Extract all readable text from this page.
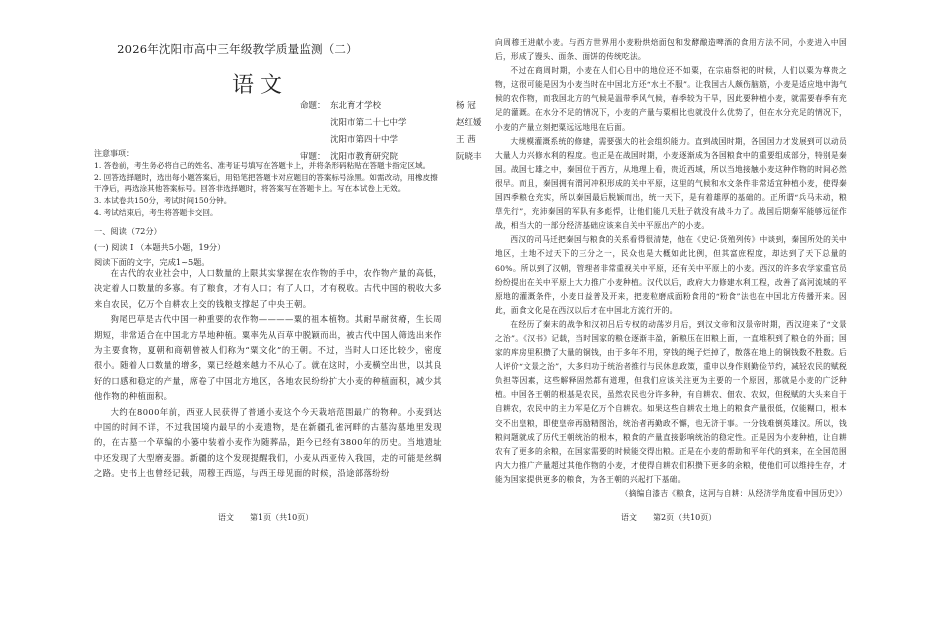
2026年沈阳市高中三年级教学质量监测（二）
语文
命题： 东北育才学校	杨 冠
沈阳市第二十七中学	赵红媛
沈阳市第四十中学	王 茜
审题： 沈阳市教育研究院	阮晓丰
注意事项：
1. 答卷前，考生务必将自己的姓名、准考证号填写在答题卡上，并将条形码粘贴在答题卡指定区域。
2. 回答选择题时，选出每小题答案后，用铅笔把答题卡对应题目的答案标号涂黑。如需改动，用橡皮擦干净后，再选涂其他答案标号。回答非选择题时，将答案写在答题卡上。写在本试卷上无效。
3. 本试卷共150分，考试时间150分钟。
4. 考试结束后，考生将答题卡交回。
一、阅读（72分）
(一) 阅读 I （本题共5小题，19分）
阅读下面的文字，完成1~5题。

在古代的农业社会中，人口数量的上限其实掌握在农作物的手中，农作物产量的高低，决定着人口数量的多寡。有了粮食，才有人口；有了人口，才有税收。古代中国的税收大多来自农民，亿万个自耕农上交的钱粮支撑起了中央王朝。

狗尾巴草是古代中国一种重要的农作物————粟的祖本植物。其耐旱耐贫瘠，生长周期短，非常适合在中国北方旱地种植。粟率先从百草中脱颖而出，被古代中国人筛选出来作为主要食物，夏朝和商朝曾被人们称为“粟文化”的王朝。不过，当时人口还比较少，密度很小。随着人口数量的增多，粟已经越来越力不从心了。就在这时，小麦横空出世，以其良好的口感和稳定的产量，席卷了中国北方地区，各地农民纷纷扩大小麦的种植面积，减少其他作物的种植面积。

大约在8000年前，西亚人民获得了普通小麦这个今天栽培范围最广的物种。小麦到达中国的时间不详，不过我国境内最早的小麦遗物，是在新疆孔雀河畔的古墓沟墓地里发现的，在古墓一个草编的小篓中装着小麦作为随葬品，距今已经有3800年的历史。当地遗址中还发现了大型磨麦器。新疆的这个发现提醒我们，小麦从西亚传入我国，走的可能是丝绸之路。史书上也曾经记载，周穆王西巡，与西王母见面的时候，沿途部落纷纷

语文　　第1页（共10页）

向周穆王进献小麦。与西方世界用小麦粉烘焙面包和发酵酿造啤酒的食用方法不同，小麦进入中国后，形成了馒头、面条、面饼的传统吃法。

不过在商周时期，小麦在人们心目中的地位还不如粟，在宗庙祭祀的时候，人们以粟为尊贵之物，这很可能是因为小麦当时在中国北方还“水土不服”。让我国古人颇伤脑筋，小麦是适应地中海气候的农作物，而我国北方的气候是温带季风气候，春季较为干旱，因此要种植小麦，就需要春季有充足的灌溉。在水分不足的情况下，小麦的产量与粟相比也就没什么优势了，但在水分充足的情况下，小麦的产量立刻把粟远远地甩在后面。

大规模灌溉系统的修建，需要强大的社会组织能力。直到战国时期，各国国力才发展到可以动员大量人力兴修水利的程度。也正是在战国时期，小麦逐渐成为各国粮食中的重要组成部分，特别是秦国。战国七雄之中，秦国位于西方，从地理上看，贵近西域，所以当地接触小麦这种作物的时间必然很早。而且，秦国拥有渭河冲积形成的关中平原，这里的气候和水文条件非常适宜种植小麦，使得秦国四季粮仓充实，所以秦国最后脱颖而出，统一天下，是有着雄厚的基础的。正所谓“兵马未动，粮草先行”，充沛秦国的军队有多彪悍，让他们能几天肚子就没有战斗力了。战国后期秦军能够远征作战，相当大的一部分经济基础应该来自关中平原出产的小麦。

西汉的司马迁把秦国与粮食的关系看得很清楚，他在《史记·货殖列传》中谈到，秦国所处的关中地区，土地不过天下的三分之一，民众也是大概如此比例，但其富庶程度，却达到了天下总量的60%。所以到了汉朝，管理者非常重视关中平原，还有关中平原上的小麦。西汉的许多农学家重官员纷纷提出在关中平原上大力推广小麦种植。汉代以后，政府大力修建水利工程，改善了高河流域的平原地的灌溉条件，小麦日益普及开来，把麦粒磨成面粉食用的“粉食”法也在中国北方传播开来。因此，面食文化是在西汉以后才在中国北方流行开的。

在经历了秦末的战争和汉初吕后专权的动荡岁月后，到汉文帝和汉景帝时期，西汉迎来了“文景之治”。《汉书》记载，当时国家的粮仓逐渐丰盈，新粮压在旧粮上面，一直堆积到了粮仓的外面；国家的库房里积攒了大量的铜钱，由于多年不用，穿钱的绳子烂掉了，散落在地上的铜钱数不胜数。后人评价“文景之治”，大多归功于统治者推行与民休息政策，重申以身作则勤俭节约，减轻农民的赋税负担等因素，这些解释固然都有道理，但我们应该关注更为主要的一个原因，那就是小麦的广泛种植。中国各王朝的根基是农民，虽然农民也分许多种，有自耕农、佃农、农奴，但税赋的大头来自于自耕农，农民中的主力军是亿万个自耕农。如果这些自耕农土地上的粮食产量很低，仅能糊口，根本交不出皇粮，即使皇帝再励精图治，统治者再勤政不懈，也无济于事。一分钱难倒英雄汉。所以，钱粮问题就成了历代王朝统治的根本，粮食的产量直接影响统治的稳定性。正是因为小麦种植，让自耕农有了更多的余粮，在国家需要的时候能交得出粮。正是在小麦的帮助和平年代的到来，在全国范围内大力推广产量超过其他作物的小麦，才使得自耕农们积攒下更多的余粮，使他们可以维持生存，才能为国家提供更多的粮食，为各王朝的兴起打下基础。

（摘编自漆吉《粮食，这河与自耕：从经济学角度看中国历史》）
语文　　第2页（共10页）
